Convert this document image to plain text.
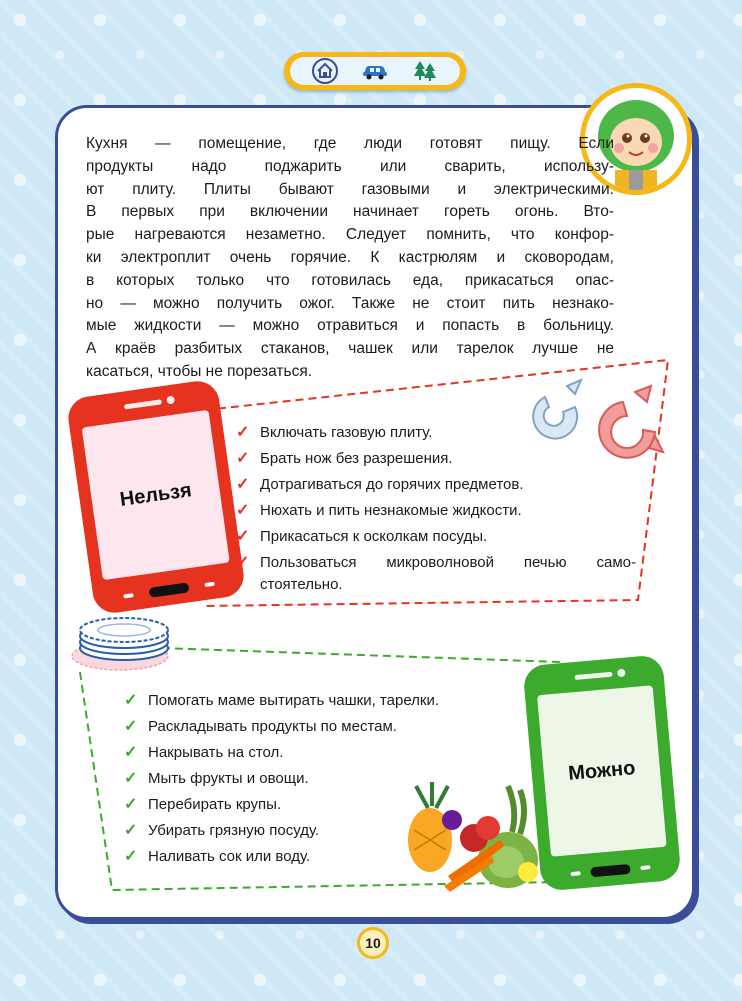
Кухня — помещение, где люди готовят пищу. Если
продукты надо поджарить или сварить, использу-
ют плиту. Плиты бывают газовыми и электрическими.
В первых при включении начинает гореть огонь. Вто-
рые нагреваются незаметно. Следует помнить, что конфор-
ки электроплит очень горячие. К кастрюлям и сковородам,
в которых только что готовилась еда, прикасаться опас-
но — можно получить ожог. Также не стоит пить незнако-
мые жидкости — можно отравиться и попасть в больницу.
А краёв разбитых стаканов, чашек или тарелок лучше не
касаться, чтобы не порезаться.
Нельзя
✓ Включать газовую плиту.
✓ Брать нож без разрешения.
✓ Дотрагиваться до горячих предметов.
✓ Нюхать и пить незнакомые жидкости.
✓ Прикасаться к осколкам посуды.
✓ Пользоваться микроволновой печью само-
стоятельно.
✓ Помогать маме вытирать чашки, тарелки.
✓ Раскладывать продукты по местам.
✓ Накрывать на стол.
✓ Мыть фрукты и овощи.
✓ Перебирать крупы.
✓ Убирать грязную посуду.
✓ Наливать сок или воду.
Можно
10
